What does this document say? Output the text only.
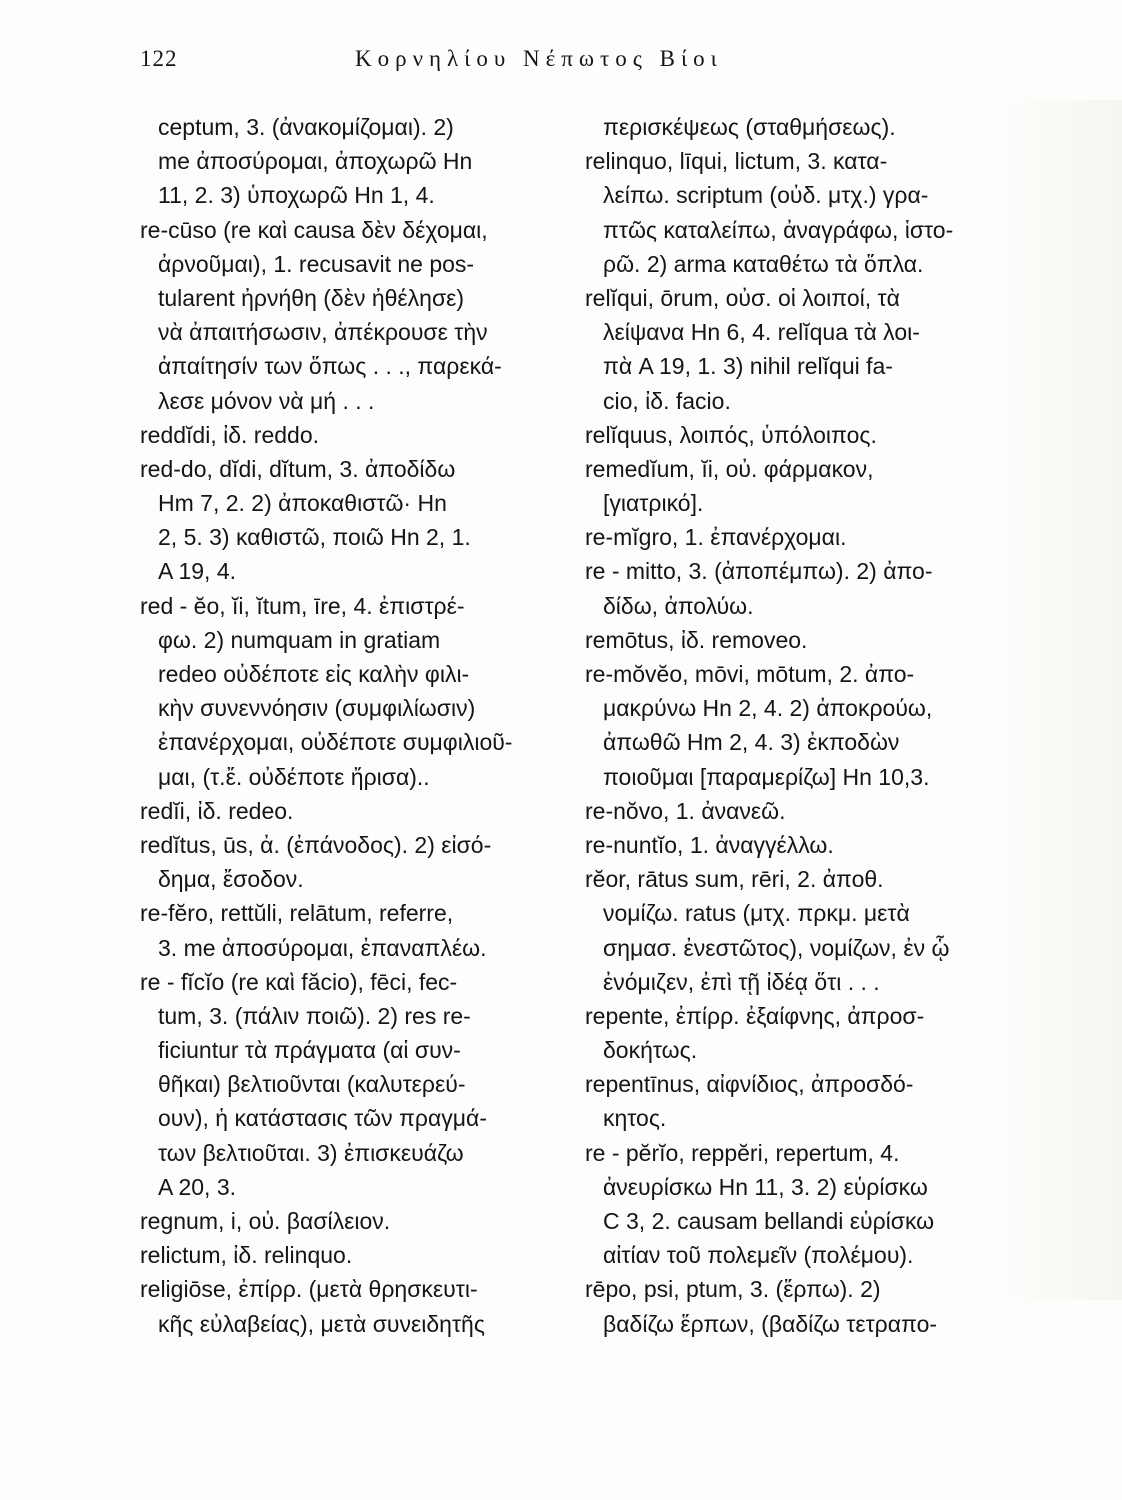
122	Κορνηλίου Νέπωτος Βίοι
ceptum, 3. (ἀνακομίζομαι). 2)
me ἀποσύρομαι, ἀποχωρῶ Hn
11, 2. 3) ὑποχωρῶ Hn 1, 4.
re-cūso (re καὶ causa δὲν δέχομαι,
ἀρνοῦμαι), 1. recusavit ne pos-
tularent ἠρνήθη (δὲν ἠθέλησε)
νὰ ἀπαιτήσωσιν, ἀπέκρουσε τὴν
ἀπαίτησίν των ὅπως . . ., παρεκά-
λεσε μόνον νὰ μή . . .
reddĭdi, ἰδ. reddo.
red-do, dĭdi, dĭtum, 3. ἀποδίδω
Hm 7, 2. 2) ἀποκαθιστῶ· Hn
2, 5. 3) καθιστῶ, ποιῶ Hn 2, 1.
A 19, 4.
red - ĕo, ĭi, ĭtum, īre, 4. ἐπιστρέ-
φω. 2) numquam in gratiam
redeo οὐδέποτε εἰς καλὴν φιλι-
κὴν συνεννόησιν (συμφιλίωσιν)
ἐπανέρχομαι, οὐδέποτε συμφιλιοῦ-
μαι, (τ.ἔ. οὐδέποτε ἤρισα)..
redĭi, ἰδ. redeo.
redĭtus, ūs, ἀ. (ἐπάνοδος). 2) εἰσό-
δημα, ἔσοδον.
re-fĕro, rettŭli, relātum, referre,
3. me ἀποσύρομαι, ἐπαναπλέω.
re - fĭcĭo (re καὶ făcio), fēci, fec-
tum, 3. (πάλιν ποιῶ). 2) res re-
ficiuntur τὰ πράγματα (αἱ συν-
θῆκαι) βελτιοῦνται (καλυτερεύ-
ουν), ἡ κατάστασις τῶν πραγμά-
των βελτιοῦται. 3) ἐπισκευάζω
A 20, 3.
regnum, i, οὐ. βασίλειον.
relictum, ἰδ. relinquo.
religiōse, ἐπίρρ. (μετὰ θρησκευτι-
κῆς εὐλαβείας), μετὰ συνειδητῆς
περισκέψεως (σταθμήσεως).
relinquo, līqui, lictum, 3. κατα-
λείπω. scriptum (οὐδ. μτχ.) γρα-
πτῶς καταλείπω, ἀναγράφω, ἱστο-
ρῶ. 2) arma καταθέτω τὰ ὅπλα.
relĭqui, ōrum, οὐσ. οἱ λοιποί, τὰ
λείψανα Hn 6, 4. relĭqua τὰ λοι-
πὰ A 19, 1. 3) nihil relĭqui fa-
cio, ἰδ. facio.
relĭquus, λοιπός, ὑπόλοιπος.
remedĭum, ĭi, οὐ. φάρμακον,
[γιατρικό].
re-mĭgro, 1. ἐπανέρχομαι.
re - mitto, 3. (ἀποπέμπω). 2) ἀπο-
δίδω, ἀπολύω.
remōtus, ἰδ. removeo.
re-mŏvĕo, mōvi, mōtum, 2. ἀπο-
μακρύνω Hn 2, 4. 2) ἀποκρούω,
ἀπωθῶ Hm 2, 4. 3) ἐκποδὼν
ποιοῦμαι [παραμερίζω] Hn 10,3.
re-nŏvo, 1. ἀνανεῶ.
re-nuntĭo, 1. ἀναγγέλλω.
rĕor, rātus sum, rēri, 2. ἀποθ.
νομίζω. ratus (μτχ. πρκμ. μετὰ
σημασ. ἐνεστῶτος), νομίζων, ἐν ᾧ
ἐνόμιζεν, ἐπὶ τῇ ἰδέᾳ ὅτι . . .
repente, ἐπίρρ. ἐξαίφνης, ἀπροσ-
δοκήτως.
repentīnus, αἰφνίδιος, ἀπροσδό-
κητος.
re - pĕrĭo, reppĕri, repertum, 4.
ἀνευρίσκω Hn 11, 3. 2) εὑρίσκω
C 3, 2. causam bellandi εὑρίσκω
αἰτίαν τοῦ πολεμεῖν (πολέμου).
rēpo, psi, ptum, 3. (ἕρπω). 2)
βαδίζω ἕρπων, (βαδίζω τετραπο-
